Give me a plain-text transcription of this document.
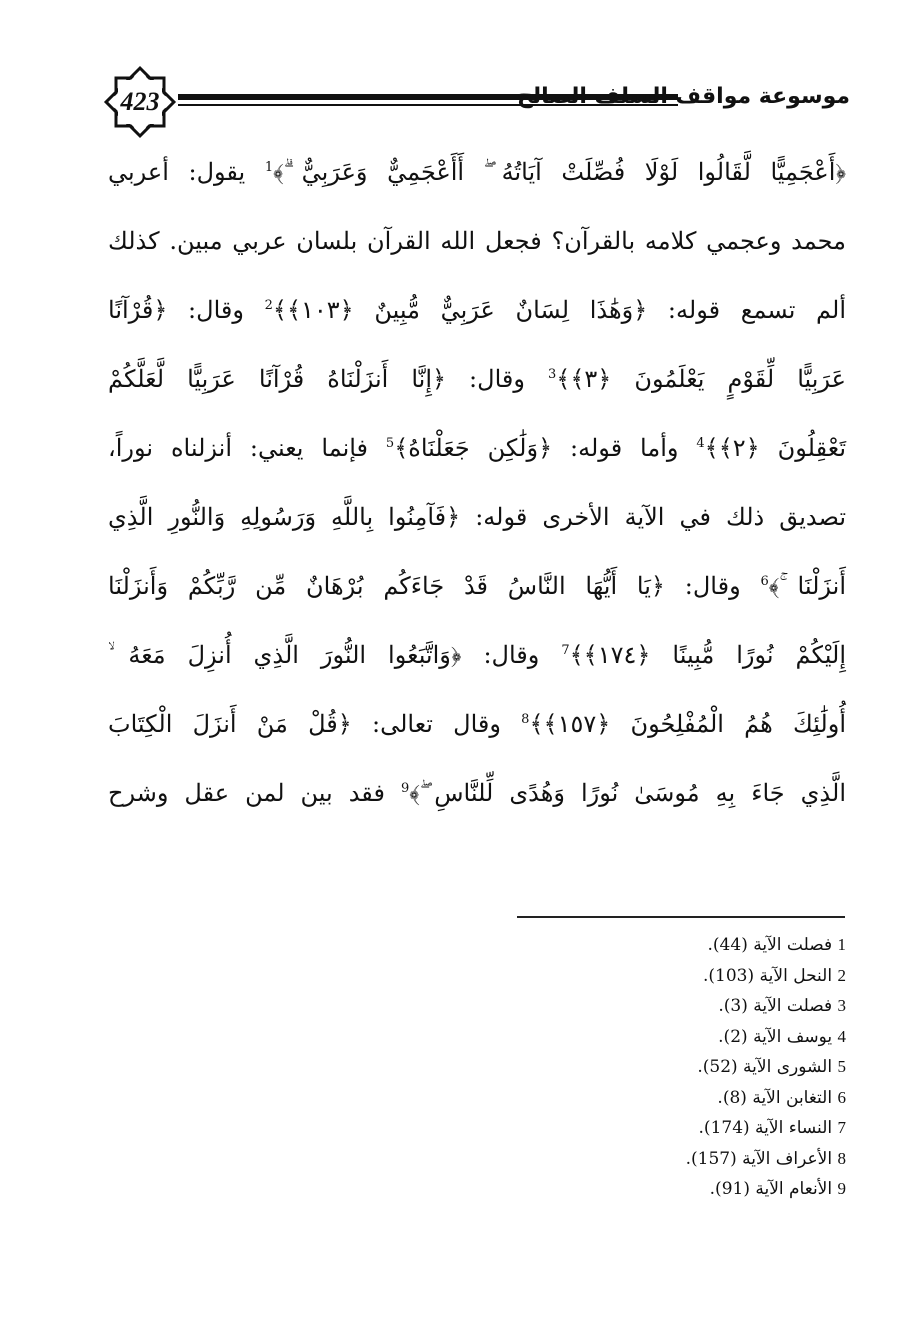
423	موسوعة مواقف السلف الصالح
﴿أَعْجَمِيًّا لَّقَالُوا لَوْلَا فُصِّلَتْ آيَاتُهُ ۖ أَأَعْجَمِيٌّ وَعَرَبِيٌّ ۗ﴾$^1$ يقول: أعربي
محمد وعجمي كلامه بالقرآن؟ فجعل الله القرآن بلسان عربي مبين. كذلك
ألم تسمع قوله: ﴿وَهَٰذَا لِسَانٌ عَرَبِيٌّ مُّبِينٌ ﴿١٠٣﴾﴾$^2$ وقال: ﴿قُرْآنًا
عَرَبِيًّا لِّقَوْمٍ يَعْلَمُونَ ﴿٣﴾﴾$^3$ وقال: ﴿إِنَّا أَنزَلْنَاهُ قُرْآنًا عَرَبِيًّا لَّعَلَّكُمْ
تَعْقِلُونَ ﴿٢﴾﴾$^4$ وأما قوله: ﴿وَلَٰكِن جَعَلْنَاهُ﴾$^5$ فإنما يعني: أنزلناه نوراً،
تصديق ذلك في الآية الأخرى قوله: ﴿فَآمِنُوا بِاللَّهِ وَرَسُولِهِ وَالنُّورِ الَّذِي
أَنزَلْنَا ۚ﴾$^6$ وقال: ﴿يَا أَيُّهَا النَّاسُ قَدْ جَاءَكُم بُرْهَانٌ مِّن رَّبِّكُمْ وَأَنزَلْنَا
إِلَيْكُمْ نُورًا مُّبِينًا ﴿١٧٤﴾﴾$^7$ وقال: ﴿وَاتَّبَعُوا النُّورَ الَّذِي أُنزِلَ مَعَهُ ۙ
أُولَٰئِكَ هُمُ الْمُفْلِحُونَ ﴿١٥٧﴾﴾$^8$ وقال تعالى: ﴿قُلْ مَنْ أَنزَلَ الْكِتَابَ
الَّذِي جَاءَ بِهِ مُوسَىٰ نُورًا وَهُدًى لِّلنَّاسِ ۖ﴾$^9$ فقد بين لمن عقل وشرح
1 فصلت الآية (44).
2 النحل الآية (103).
3 فصلت الآية (3).
4 يوسف الآية (2).
5 الشورى الآية (52).
6 التغابن الآية (8).
7 النساء الآية (174).
8 الأعراف الآية (157).
9 الأنعام الآية (91).
